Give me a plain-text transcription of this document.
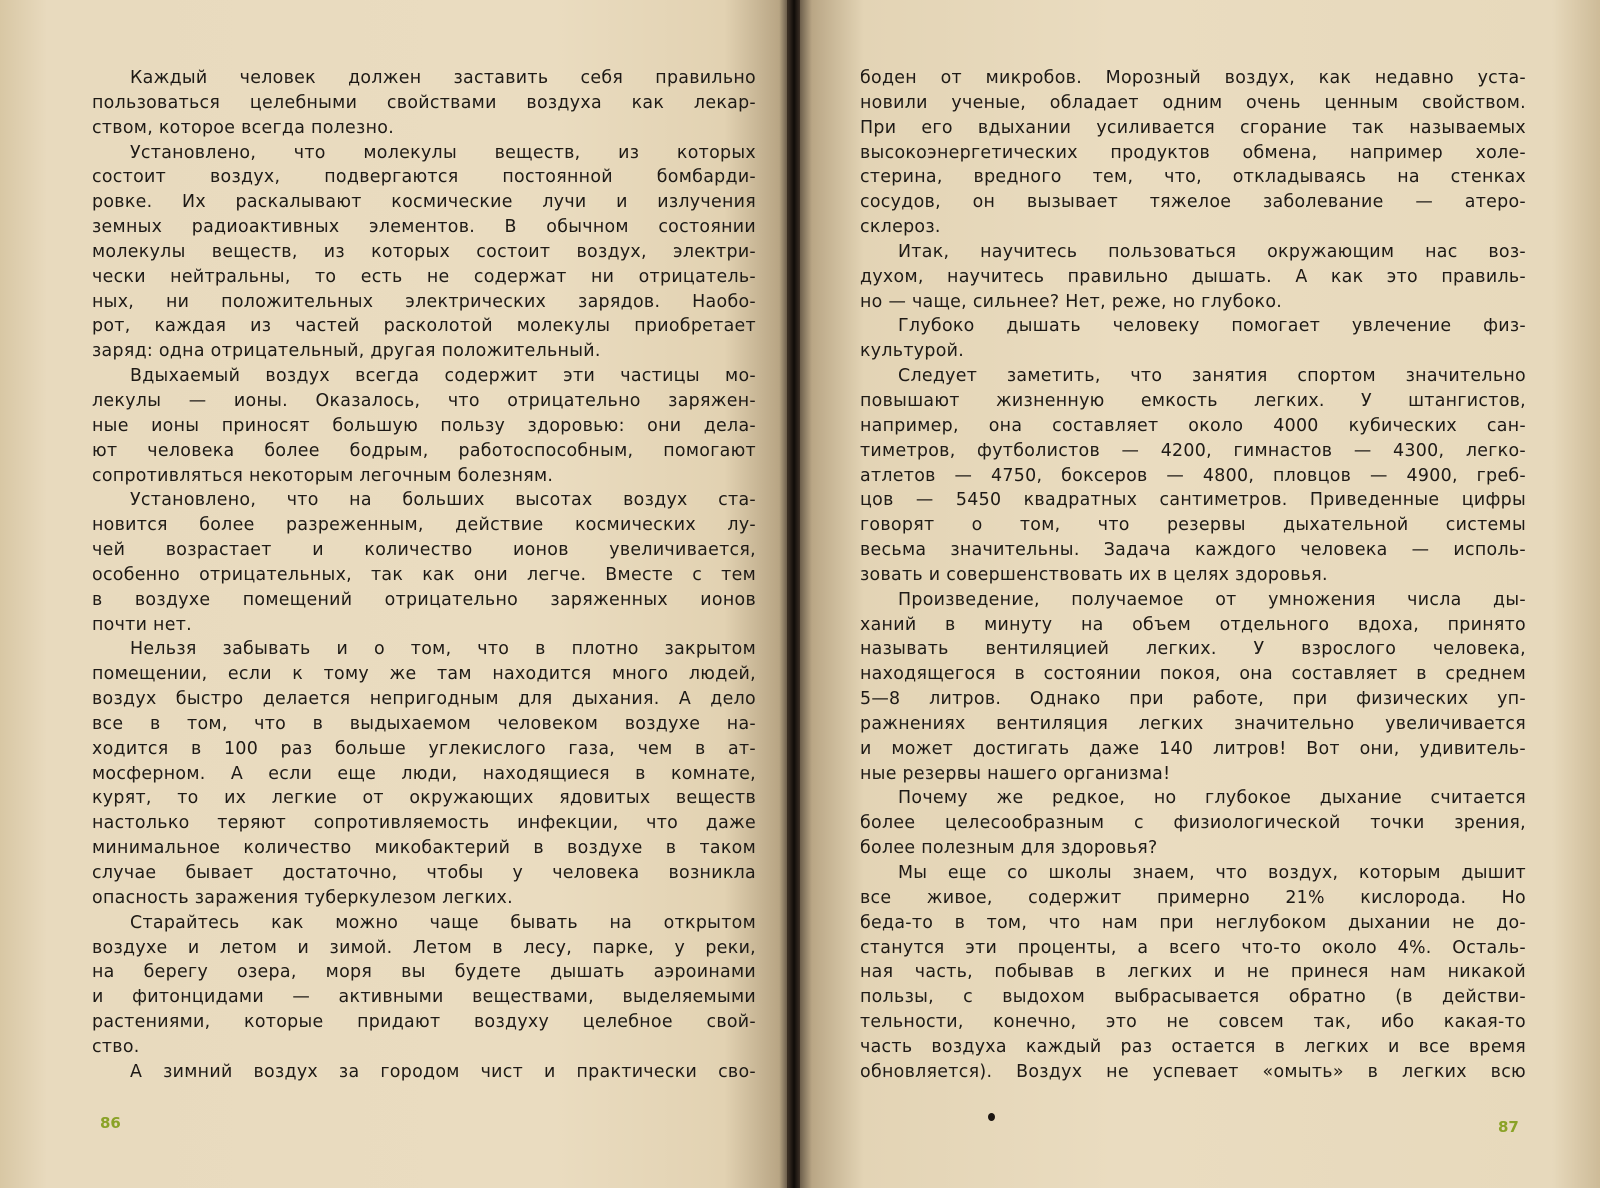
Каждый человек должен заставить себя правильно
пользоваться целебными свойствами воздуха как лекар-
ством, которое всегда полезно.
Установлено, что молекулы веществ, из которых
состоит воздух, подвергаются постоянной бомбарди-
ровке. Их раскалывают космические лучи и излучения
земных радиоактивных элементов. В обычном состоянии
молекулы веществ, из которых состоит воздух, электри-
чески нейтральны, то есть не содержат ни отрицатель-
ных, ни положительных электрических зарядов. Наобо-
рот, каждая из частей расколотой молекулы приобретает
заряд: одна отрицательный, другая положительный.
Вдыхаемый воздух всегда содержит эти частицы мо-
лекулы — ионы. Оказалось, что отрицательно заряжен-
ные ионы приносят большую пользу здоровью: они дела-
ют человека более бодрым, работоспособным, помогают
сопротивляться некоторым легочным болезням.
Установлено, что на больших высотах воздух ста-
новится более разреженным, действие космических лу-
чей возрастает и количество ионов увеличивается,
особенно отрицательных, так как они легче. Вместе с тем
в воздухе помещений отрицательно заряженных ионов
почти нет.
Нельзя забывать и о том, что в плотно закрытом
помещении, если к тому же там находится много людей,
воздух быстро делается непригодным для дыхания. А дело
все в том, что в выдыхаемом человеком воздухе на-
ходится в 100 раз больше углекислого газа, чем в ат-
мосферном. А если еще люди, находящиеся в комнате,
курят, то их легкие от окружающих ядовитых веществ
настолько теряют сопротивляемость инфекции, что даже
минимальное количество микобактерий в воздухе в таком
случае бывает достаточно, чтобы у человека возникла
опасность заражения туберкулезом легких.
Старайтесь как можно чаще бывать на открытом
воздухе и летом и зимой. Летом в лесу, парке, у реки,
на берегу озера, моря вы будете дышать аэроинами
и фитонцидами — активными веществами, выделяемыми
растениями, которые придают воздуху целебное свой-
ство.
А зимний воздух за городом чист и практически сво-
86
боден от микробов. Морозный воздух, как недавно уста-
новили ученые, обладает одним очень ценным свойством.
При его вдыхании усиливается сгорание так называемых
высокоэнергетических продуктов обмена, например холе-
стерина, вредного тем, что, откладываясь на стенках
сосудов, он вызывает тяжелое заболевание — атеро-
склероз.
Итак, научитесь пользоваться окружающим нас воз-
духом, научитесь правильно дышать. А как это правиль-
но — чаще, сильнее? Нет, реже, но глубоко.
Глубоко дышать человеку помогает увлечение физ-
культурой.
Следует заметить, что занятия спортом значительно
повышают жизненную емкость легких. У штангистов,
например, она составляет около 4000 кубических сан-
тиметров, футболистов — 4200, гимнастов — 4300, легко-
атлетов — 4750, боксеров — 4800, пловцов — 4900, греб-
цов — 5450 квадратных сантиметров. Приведенные цифры
говорят о том, что резервы дыхательной системы
весьма значительны. Задача каждого человека — исполь-
зовать и совершенствовать их в целях здоровья.
Произведение, получаемое от умножения числа ды-
ханий в минуту на объем отдельного вдоха, принято
называть вентиляцией легких. У взрослого человека,
находящегося в состоянии покоя, она составляет в среднем
5—8 литров. Однако при работе, при физических уп-
ражнениях вентиляция легких значительно увеличивается
и может достигать даже 140 литров! Вот они, удивитель-
ные резервы нашего организма!
Почему же редкое, но глубокое дыхание считается
более целесообразным с физиологической точки зрения,
более полезным для здоровья?
Мы еще со школы знаем, что воздух, которым дышит
все живое, содержит примерно 21% кислорода. Но
беда-то в том, что нам при неглубоком дыхании не до-
станутся эти проценты, а всего что-то около 4%. Осталь-
ная часть, побывав в легких и не принеся нам никакой
пользы, с выдохом выбрасывается обратно (в действи-
тельности, конечно, это не совсем так, ибо какая-то
часть воздуха каждый раз остается в легких и все время
обновляется). Воздух не успевает «омыть» в легких всю
87
